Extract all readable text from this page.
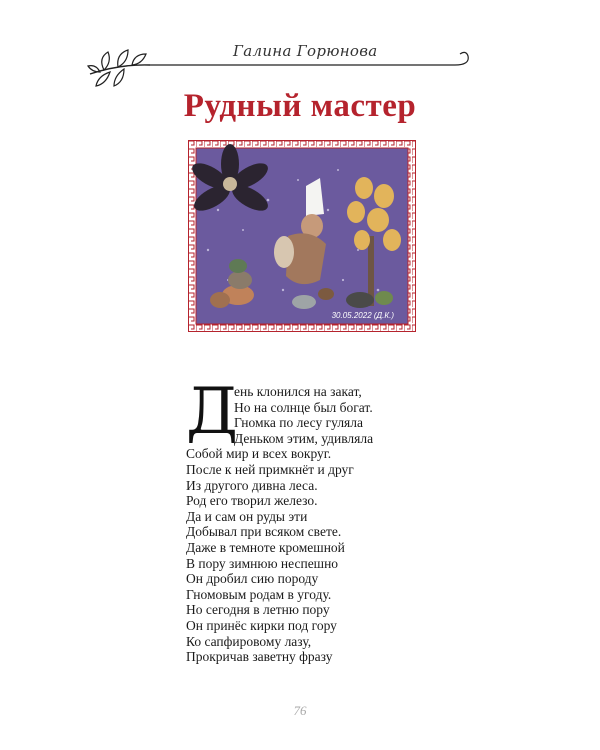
Галина Горюнова
Рудный мастер
30.05.2022 (Д.К.)
Д
ень клонился на закат,
Но на солнце был богат.
Гномка по лесу гуляла
Деньком этим, удивляла
Собой мир и всех вокруг.
После к ней примкнёт и друг
Из другого дивна леса.
Род его творил железо.
Да и сам он руды эти
Добывал при всяком свете.
Даже в темноте кромешной
В пору зимнюю неспешно
Он дробил сию породу
Гномовым родам в угоду.
Но сегодня в летню пору
Он принёс кирки под гору
Ко сапфировому лазу,
Прокричав заветну фразу
76
